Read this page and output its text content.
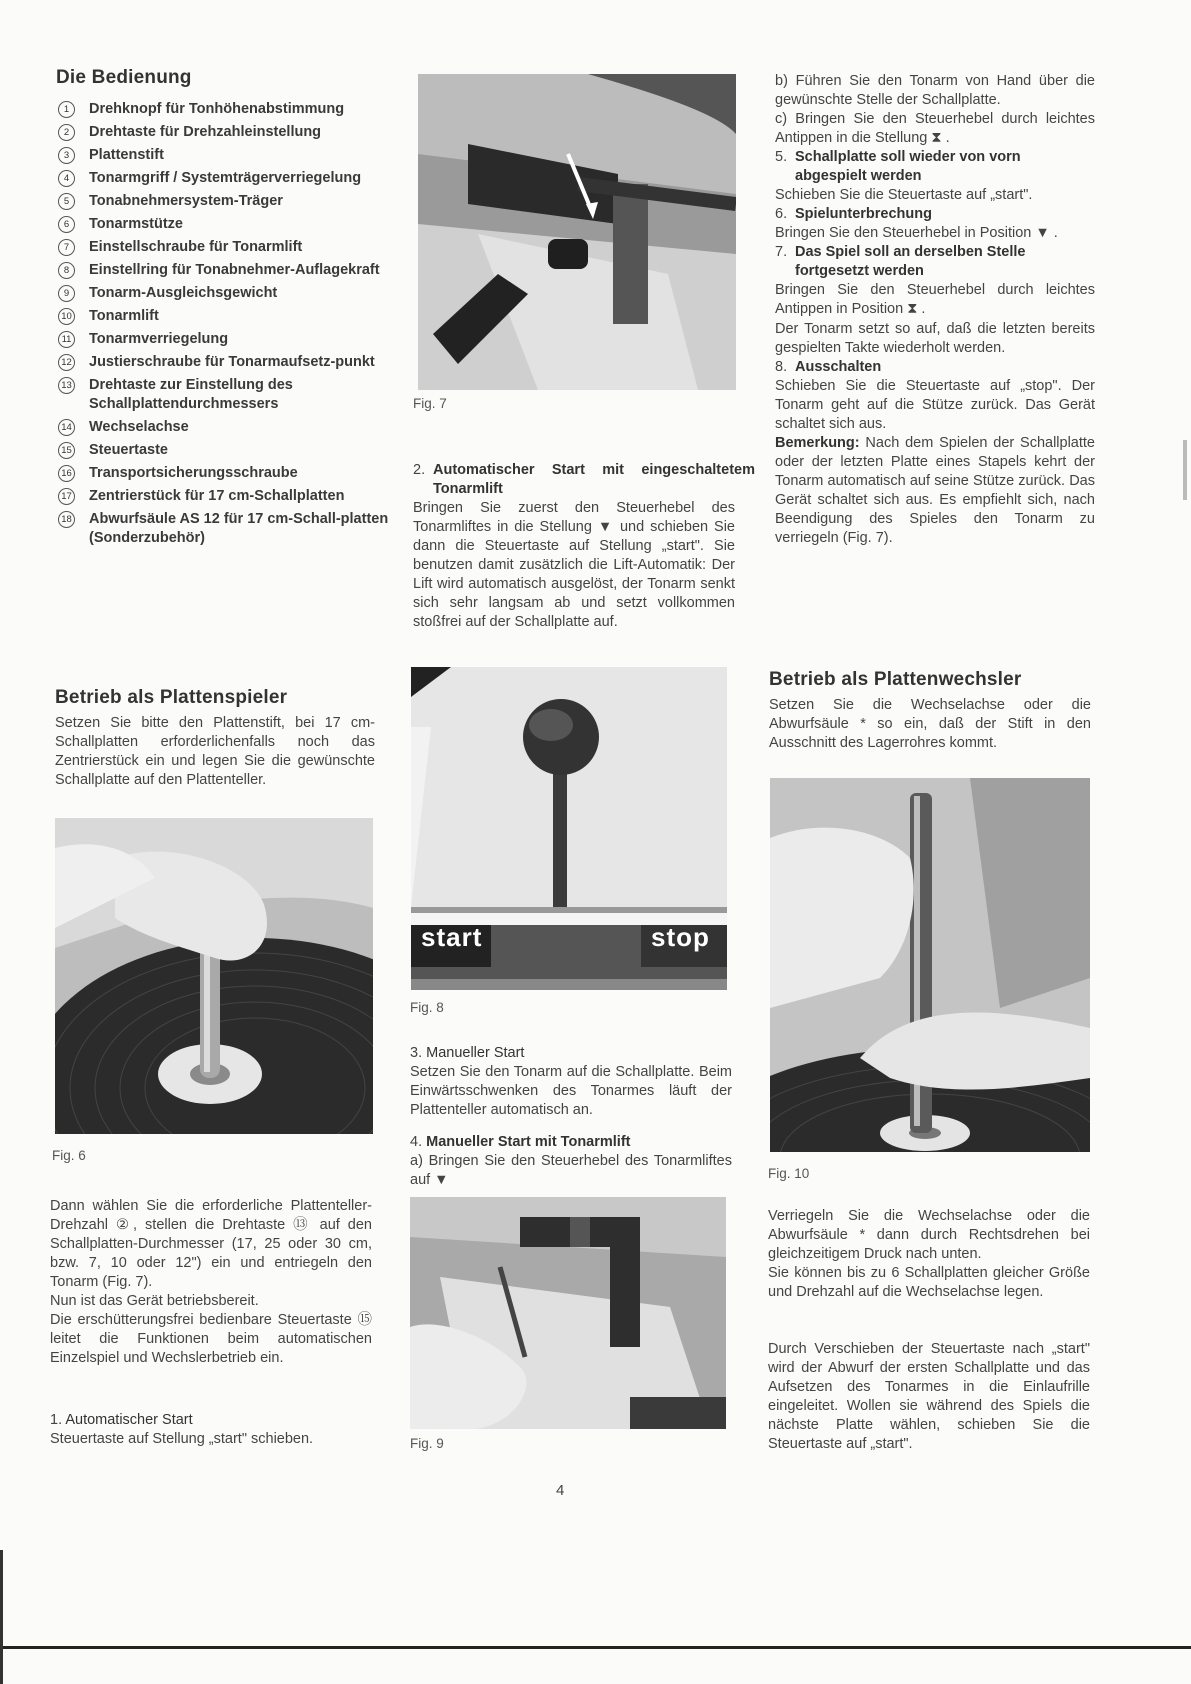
Die Bedienung
1	Drehknopf für Tonhöhenabstimmung
2	Drehtaste für Drehzahleinstellung
3	Plattenstift
4	Tonarmgriff / Systemträgerverriegelung
5	Tonabnehmersystem-Träger
6	Tonarmstütze
7	Einstellschraube für Tonarmlift
8	Einstellring für Tonabnehmer-Auflagekraft
9	Tonarm-Ausgleichsgewicht
10 Tonarmlift
11 Tonarmverriegelung
12 Justierschraube für Tonarmaufsetz-punkt
13 Drehtaste zur Einstellung des Schallplattendurchmessers
14 Wechselachse
15 Steuertaste
16 Transportsicherungsschraube
17 Zentrierstück für 17 cm-Schallplatten
18 Abwurfsäule AS 12 für 17 cm-Schall-platten (Sonderzubehör)
Betrieb als Plattenspieler

Setzen Sie bitte den Plattenstift, bei 17 cm-Schallplatten erforderlichenfalls noch das Zentrierstück ein und legen Sie die gewünschte Schallplatte auf den Plattenteller.

Fig. 6

Dann wählen Sie die erforderliche Plattenteller-Drehzahl ②, stellen die Drehtaste ⑬ auf den Schallplatten-Durchmesser (17, 25 oder 30 cm, bzw. 7, 10 oder 12") ein und entriegeln den Tonarm (Fig. 7).

Nun ist das Gerät betriebsbereit.

Die erschütterungsfrei bedienbare Steuertaste ⑮ leitet die Funktionen beim automatischen Einzelspiel und Wechslerbetrieb ein.

1. Automatischer Start
Steuertaste auf Stellung „start" schieben.
Fig. 7
2. Automatischer Start mit eingeschaltetem Tonarmlift

Bringen Sie zuerst den Steuerhebel des Tonarmliftes in die Stellung ▼ und schieben Sie dann die Steuertaste auf Stellung „start". Sie benutzen damit zusätzlich die Lift-Automatik: Der Lift wird automatisch ausgelöst, der Tonarm senkt sich sehr langsam ab und setzt vollkommen stoßfrei auf der Schallplatte auf.

start	stop
Fig. 8
3. Manueller Start
Setzen Sie den Tonarm auf die Schallplatte. Beim Einwärtsschwenken des Tonarmes läuft der Plattenteller automatisch an.
4. Manueller Start mit Tonarmlift
a) Bringen Sie den Steuerhebel des Tonarmliftes auf ▼
Fig. 9

b) Führen Sie den Tonarm von Hand über die gewünschte Stelle der Schallplatte.

c) Bringen Sie den Steuerhebel durch leichtes Antippen in die Stellung ⧗ .

5. Schallplatte soll wieder von vorn abgespielt werden

Schieben Sie die Steuertaste auf „start".

6. Spielunterbrechung

Bringen Sie den Steuerhebel in Position ▼ .

7. Das Spiel soll an derselben Stelle fortgesetzt werden

Bringen Sie den Steuerhebel durch leichtes Antippen in Position ⧗ .

Der Tonarm setzt so auf, daß die letzten bereits gespielten Takte wiederholt werden.

8. Ausschalten

Schieben Sie die Steuertaste auf „stop". Der Tonarm geht auf die Stütze zurück. Das Gerät schaltet sich aus.

Bemerkung: Nach dem Spielen der Schallplatte oder der letzten Platte eines Stapels kehrt der Tonarm automatisch auf seine Stütze zurück. Das Gerät schaltet sich aus. Es empfiehlt sich, nach Beendigung des Spieles den Tonarm zu verriegeln (Fig. 7).

Betrieb als Plattenwechsler

Setzen Sie die Wechselachse oder die Abwurfsäule * so ein, daß der Stift in den Ausschnitt des Lagerrohres kommt.

Fig. 10

Verriegeln Sie die Wechselachse oder die Abwurfsäule * dann durch Rechtsdrehen bei gleichzeitigem Druck nach unten.

Sie können bis zu 6 Schallplatten gleicher Größe und Drehzahl auf die Wechselachse legen.

Durch Verschieben der Steuertaste nach „start" wird der Abwurf der ersten Schallplatte und das Aufsetzen des Tonarmes in die Einlaufrille eingeleitet. Wollen sie während des Spiels die nächste Platte wählen, schieben Sie die Steuertaste auf „start".

4
